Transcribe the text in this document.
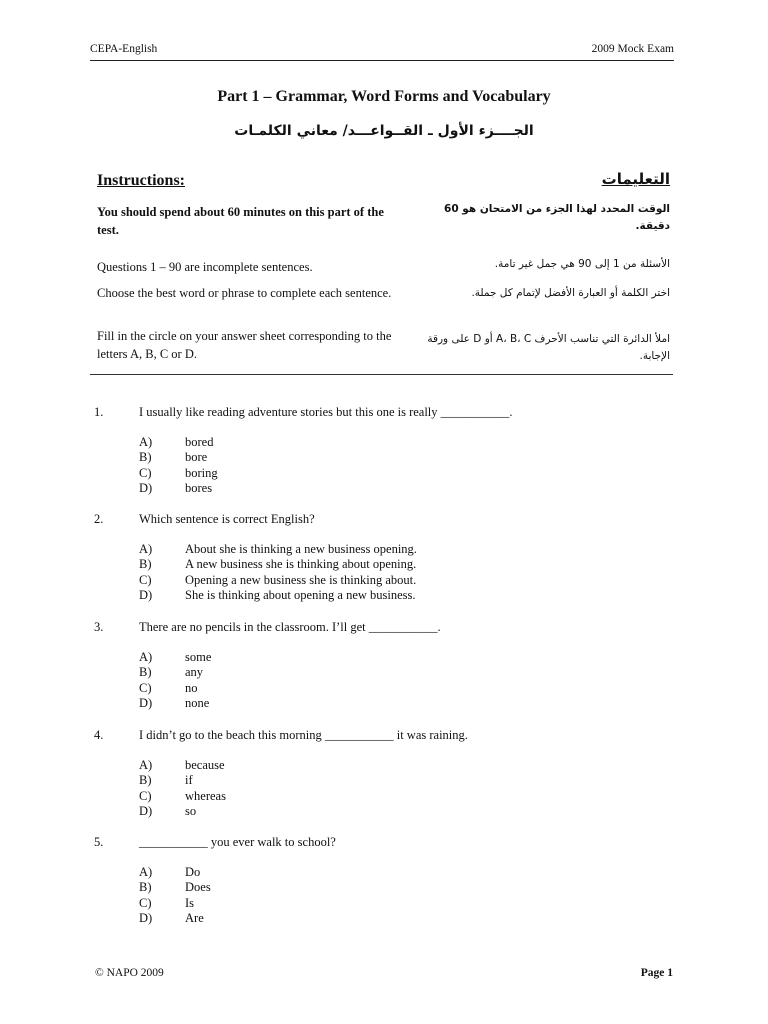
CEPA-English	2009 Mock Exam
Part 1 – Grammar, Word Forms and Vocabulary
الجــــزء الأول ـ القــواعـــد/ معاني الكلمـات
Instructions:	التعليمات
You should spend about 60 minutes on this part of the test.
الوقت المحدد لهذا الجزء من الامتحان هو 60 دقيقة.
Questions 1 – 90 are incomplete sentences.	الأسئلة من 1 إلى 90 هي جمل غير تامة.
Choose the best word or phrase to complete each sentence.	اختر الكلمة أو العبارة الأفضل لإتمام كل جملة.
Fill in the circle on your answer sheet corresponding to the letters A, B, C or D.
املأ الدائرة التي تناسب الأحرف A، B، C أو D على ورقة الإجابة.
1.	I usually like reading adventure stories but this one is really ___________.
A)	bored
B)	bore
C)	boring
D)	bores
2.	Which sentence is correct English?
A)	About she is thinking a new business opening.
B)	A new business she is thinking about opening.
C)	Opening a new business she is thinking about.
D)	She is thinking about opening a new business.
3.	There are no pencils in the classroom. I’ll get ___________.
A)	some
B)	any
C)	no
D)	none
4.	I didn’t go to the beach this morning ___________ it was raining.
A)	because
B)	if
C)	whereas
D)	so
5.	___________ you ever walk to school?
A)	Do
B)	Does
C)	Is
D)	Are
© NAPO 2009	Page 1
